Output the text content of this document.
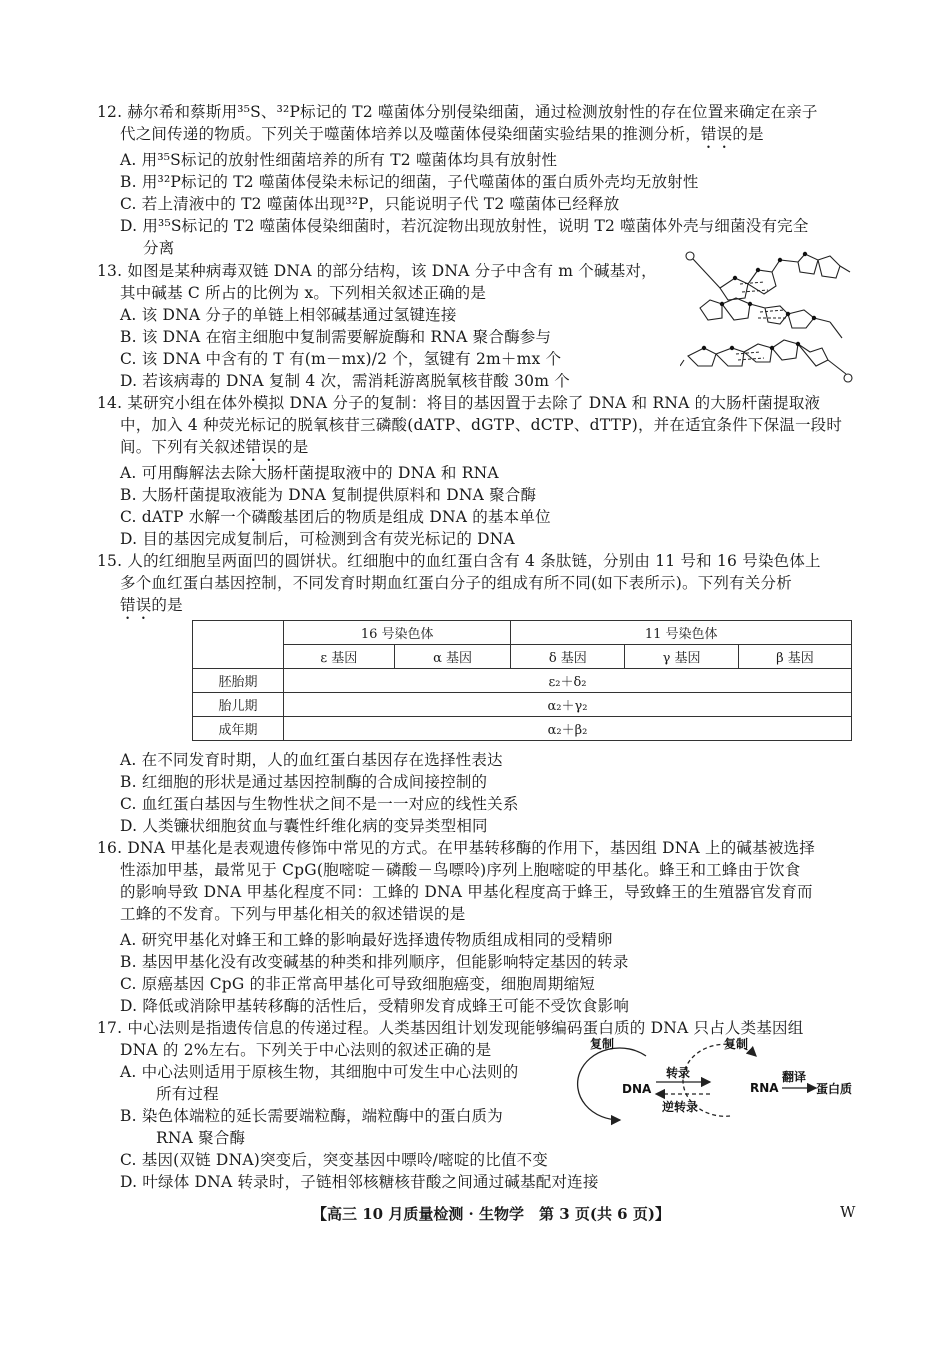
12. 赫尔希和蔡斯用³⁵S、³²P标记的 T2 噬菌体分别侵染细菌，通过检测放射性的存在位置来确定在亲子
代之间传递的物质。下列关于噬菌体培养以及噬菌体侵染细菌实验结果的推测分析，错误的是
A. 用³⁵S标记的放射性细菌培养的所有 T2 噬菌体均具有放射性
B. 用³²P标记的 T2 噬菌体侵染未标记的细菌，子代噬菌体的蛋白质外壳均无放射性
C. 若上清液中的 T2 噬菌体出现³²P，只能说明子代 T2 噬菌体已经释放
D. 用³⁵S标记的 T2 噬菌体侵染细菌时，若沉淀物出现放射性，说明 T2 噬菌体外壳与细菌没有完全
分离
13. 如图是某种病毒双链 DNA 的部分结构，该 DNA 分子中含有 m 个碱基对，
其中碱基 C 所占的比例为 x。下列相关叙述正确的是
A. 该 DNA 分子的单链上相邻碱基通过氢键连接
B. 该 DNA 在宿主细胞中复制需要解旋酶和 RNA 聚合酶参与
C. 该 DNA 中含有的 T 有(m－mx)/2 个，氢键有 2m＋mx 个
D. 若该病毒的 DNA 复制 4 次，需消耗游离脱氧核苷酸 30m 个
14. 某研究小组在体外模拟 DNA 分子的复制：将目的基因置于去除了 DNA 和 RNA 的大肠杆菌提取液
中，加入 4 种荧光标记的脱氧核苷三磷酸(dATP、dGTP、dCTP、dTTP)，并在适宜条件下保温一段时
间。下列有关叙述错误的是
A. 可用酶解法去除大肠杆菌提取液中的 DNA 和 RNA
B. 大肠杆菌提取液能为 DNA 复制提供原料和 DNA 聚合酶
C. dATP 水解一个磷酸基团后的物质是组成 DNA 的基本单位
D. 目的基因完成复制后，可检测到含有荧光标记的 DNA
15. 人的红细胞呈两面凹的圆饼状。红细胞中的血红蛋白含有 4 条肽链，分别由 11 号和 16 号染色体上
多个血红蛋白基因控制，不同发育时期血红蛋白分子的组成有所不同(如下表所示)。下列有关分析
错误的是
	16 号染色体		11 号染色体		
	ε 基因	α 基因	δ 基因	γ 基因	β 基因
胚胎期	ε₂＋δ₂				
胎儿期	α₂＋γ₂				
成年期	α₂＋β₂				
A. 在不同发育时期，人的血红蛋白基因存在选择性表达
B. 红细胞的形状是通过基因控制酶的合成间接控制的
C. 血红蛋白基因与生物性状之间不是一一对应的线性关系
D. 人类镰状细胞贫血与囊性纤维化病的变异类型相同
16. DNA 甲基化是表观遗传修饰中常见的方式。在甲基转移酶的作用下，基因组 DNA 上的碱基被选择
性添加甲基，最常见于 CpG(胞嘧啶－磷酸－鸟嘌呤)序列上胞嘧啶的甲基化。蜂王和工蜂由于饮食
的影响导致 DNA 甲基化程度不同：工蜂的 DNA 甲基化程度高于蜂王，导致蜂王的生殖器官发育而
工蜂的不发育。下列与甲基化相关的叙述错误的是
A. 研究甲基化对蜂王和工蜂的影响最好选择遗传物质组成相同的受精卵
B. 基因甲基化没有改变碱基的种类和排列顺序，但能影响特定基因的转录
C. 原癌基因 CpG 的非正常高甲基化可导致细胞癌变，细胞周期缩短
D. 降低或消除甲基转移酶的活性后，受精卵发育成蜂王可能不受饮食影响
17. 中心法则是指遗传信息的传递过程。人类基因组计划发现能够编码蛋白质的 DNA 只占人类基因组
DNA 的 2%左右。下列关于中心法则的叙述正确的是
A. 中心法则适用于原核生物，其细胞中可发生中心法则的
所有过程
B. 染色体端粒的延长需要端粒酶，端粒酶中的蛋白质为
RNA 聚合酶
C. 基因(双链 DNA)突变后，突变基因中嘌呤/嘧啶的比值不变
D. 叶绿体 DNA 转录时，子链相邻核糖核苷酸之间通过碱基配对连接
复制	复制
DNA	RNA
转录
逆转录
翻译
蛋白质
【高三 10 月质量检测 · 生物学　第 3 页(共 6 页)】	W
